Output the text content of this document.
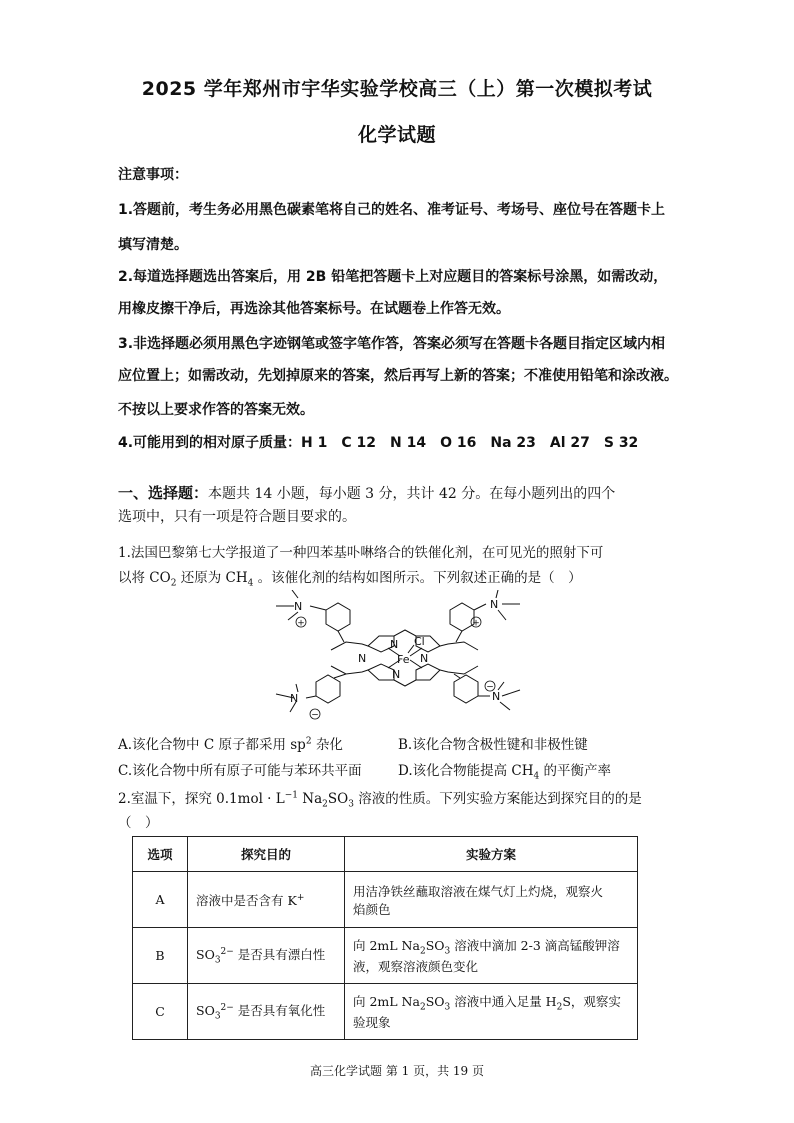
2025 学年郑州市宇华实验学校高三（上）第一次模拟考试
化学试题
注意事项：
1.答题前，考生务必用黑色碳素笔将自己的姓名、准考证号、考场号、座位号在答题卡上
填写清楚。
2.每道选择题选出答案后，用 2B 铅笔把答题卡上对应题目的答案标号涂黑，如需改动，
用橡皮擦干净后，再选涂其他答案标号。在试题卷上作答无效。
3.非选择题必须用黑色字迹钢笔或签字笔作答，答案必须写在答题卡各题目指定区域内相
应位置上；如需改动，先划掉原来的答案，然后再写上新的答案；不准使用铅笔和涂改液。
不按以上要求作答的答案无效。
4.可能用到的相对原子质量：H 1　C 12　N 14　O 16　Na 23　Al 27　S 32
一、选择题：本题共 14 小题，每小题 3 分，共计 42 分。在每小题列出的四个
选项中，只有一项是符合题目要求的。
1.法国巴黎第七大学报道了一种四苯基卟啉络合的铁催化剂，在可见光的照射下可
以将 $CO_2$ 还原为 $CH_4$ 。该催化剂的结构如图所示。下列叙述正确的是（　）
N
N	N
N
Fe
Cl
N	N
N	N
+	+
−
−
A.该化合物中 C 原子都采用 $sp^2$ 杂化	B.该化合物含极性键和非极性键
C.该化合物中所有原子可能与苯环共平面	D.该化合物能提高 $CH_4$ 的平衡产率
2.室温下，探究 $0.1mol \cdot L^{-1}$ $Na_2SO_3$ 溶液的性质。下列实验方案能达到探究目的的是
（　）
选项	探究目的	实验方案
A	溶液中是否含有 K+	用洁净铁丝蘸取溶液在煤气灯上灼烧，观察火
焰颜色

B	$SO_3^{2-}$ 是否具有漂白性	向 2mL $Na_2SO_3$ 溶液中滴加 2-3 滴高锰酸钾溶
液，观察溶液颜色变化

C	$SO_3^{2-}$ 是否具有氧化性	向 2mL $Na_2SO_3$ 溶液中通入足量 $H_2S$，观察实
验现象
高三化学试题 第 1 页，共 19 页
